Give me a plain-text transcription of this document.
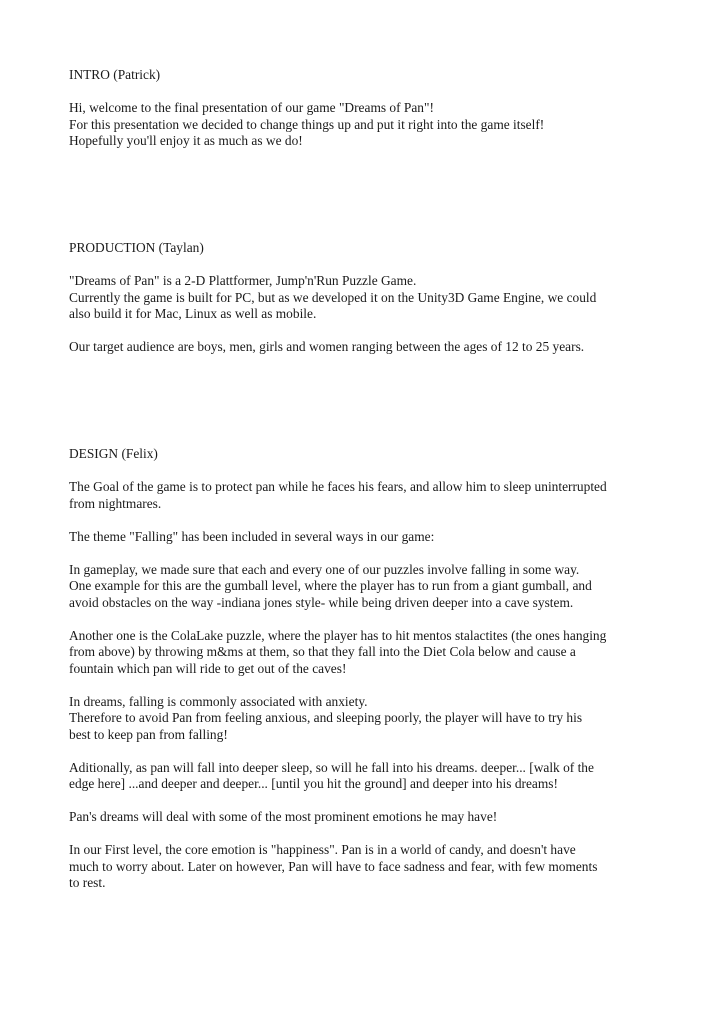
INTRO (Patrick)

Hi, welcome to the final presentation of our game "Dreams of Pan"!
For this presentation we decided to change things up and put it right into the game itself!
Hopefully you'll enjoy it as much as we do!

PRODUCTION (Taylan)

"Dreams of Pan" is a 2-D Plattformer, Jump'n'Run Puzzle Game.
Currently the game is built for PC, but as we developed it on the Unity3D Game Engine, we could
also build it for Mac, Linux as well as mobile.

Our target audience are boys, men, girls and women ranging between the ages of 12 to 25 years.

DESIGN (Felix)

The Goal of the game is to protect pan while he faces his fears, and allow him to sleep uninterrupted
from nightmares.

The theme "Falling" has been included in several ways in our game:

In gameplay, we made sure that each and every one of our puzzles involve falling in some way.
One example for this are the gumball level, where the player has to run from a giant gumball, and
avoid obstacles on the way -indiana jones style- while being driven deeper into a cave system.

Another one is the ColaLake puzzle, where the player has to hit mentos stalactites (the ones hanging
from above) by throwing m&ms at them, so that they fall into the Diet Cola below and cause a
fountain which pan will ride to get out of the caves!

In dreams, falling is commonly associated with anxiety.
Therefore to avoid Pan from feeling anxious, and sleeping poorly, the player will have to try his
best to keep pan from falling!

Aditionally, as pan will fall into deeper sleep, so will he fall into his dreams. deeper... [walk of the
edge here] ...and deeper and deeper... [until you hit the ground] and deeper into his dreams!

Pan's dreams will deal with some of the most prominent emotions he may have!

In our First level, the core emotion is "happiness". Pan is in a world of candy, and doesn't have
much to worry about. Later on however, Pan will have to face sadness and fear, with few moments
to rest.
